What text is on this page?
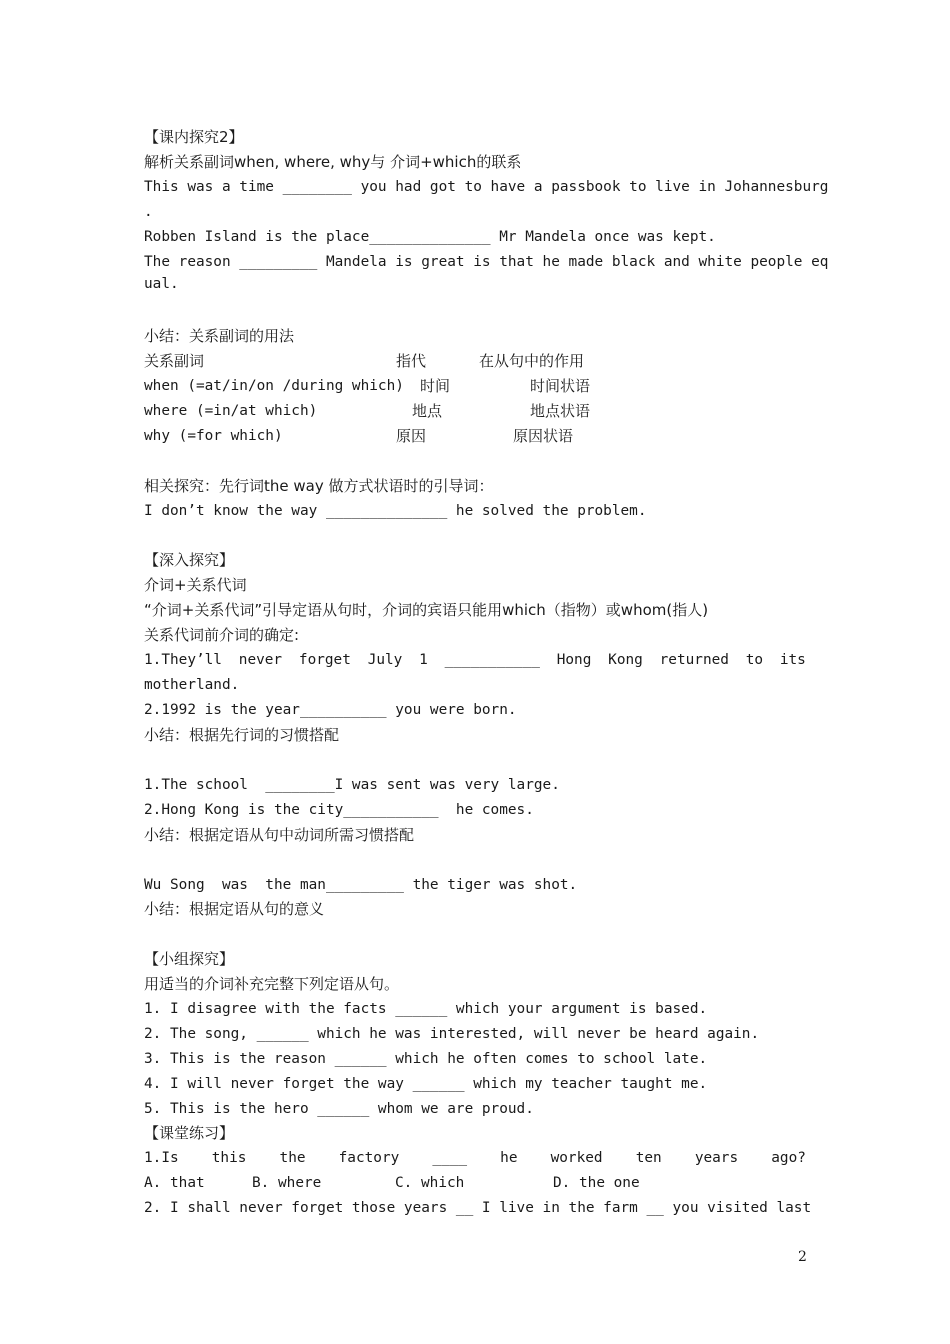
【课内探究2】
解析关系副词when, where, why与 介词+which的联系
This was a time ________ you had got to have a passbook to live in Johannesburg
.
Robben Island is the place______________ Mr Mandela once was kept.
The reason _________ Mandela is great is that he made black and white people eq
ual.
小结：关系副词的用法
关系副词	指代	在从句中的作用
when (=at/in/on /during which) 时间	时间状语
where (=in/at which)	地点	地点状语
why (=for which)	原因	原因状语
相关探究：先行词the way 做方式状语时的引导词：
I don’t know the way ______________ he solved the problem.
【深入探究】
介词+关系代词
“介词+关系代词”引导定语从句时，介词的宾语只能用which（指物）或whom(指人)
关系代词前介词的确定:
1.They’ll never forget July 1 ___________ Hong Kong returned to its
motherland.
2.1992 is the year__________ you were born.
小结：根据先行词的习惯搭配
1.The school  ________I was sent was very large.
2.Hong Kong is the city___________  he comes.
小结：根据定语从句中动词所需习惯搭配
Wu Song  was  the man_________ the tiger was shot.
小结：根据定语从句的意义
【小组探究】
用适当的介词补充完整下列定语从句。
1. I disagree with the facts ______ which your argument is based.
2. The song, ______ which he was interested, will never be heard again.
3. This is the reason ______ which he often comes to school late.
4. I will never forget the way ______ which my teacher taught me.
5. This is the hero ______ whom we are proud.
【课堂练习】
1.Is this the factory ____ he worked ten years ago?
A. that	B. where	C. which	D. the one
2. I shall never forget those years __ I live in the farm __ you visited last
2
